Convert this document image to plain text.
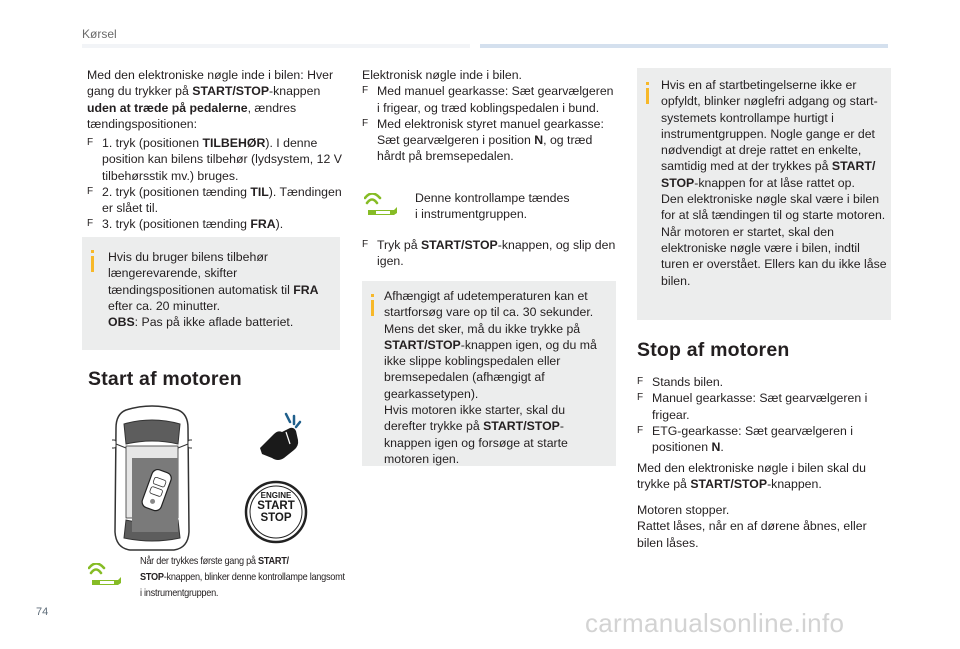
Kørsel
Med den elektroniske nøgle inde i bilen: Hver gang du trykker på START/STOP-knappen uden at træde på pedalerne, ændres tændingspositionen:
F 1. tryk (positionen TILBEHØR). I denne position kan bilens tilbehør (lydsystem, 12 V tilbehørsstik mv.) bruges.
F 2. tryk (positionen tænding TIL). Tændingen er slået til.
F 3. tryk (positionen tænding FRA).
Hvis du bruger bilens tilbehør længerevarende, skifter tændingspositionen automatisk til FRA efter ca. 20 minutter.
OBS: Pas på ikke aflade batteriet.
Start af motoren
ENGINE
START
STOP
Når der trykkes første gang på START/
STOP-knappen, blinker denne kontrollampe langsomt i instrumentgruppen.
Elektronisk nøgle inde i bilen.
F Med manuel gearkasse: Sæt gearvælgeren i frigear, og træd koblingspedalen i bund.
F Med elektronisk styret manuel gearkasse: Sæt gearvælgeren i position N, og træd hårdt på bremsepedalen.
Denne kontrollampe tændes i instrumentgruppen.
F Tryk på START/STOP-knappen, og slip den igen.
Afhængigt af udetemperaturen kan et startforsøg vare op til ca. 30 sekunder. Mens det sker, må du ikke trykke på START/STOP-knappen igen, og du må ikke slippe koblingspedalen eller bremsepedalen (afhængigt af gearkassetypen).
Hvis motoren ikke starter, skal du derefter trykke på START/STOP-knappen igen og forsøge at starte motoren igen.
Hvis en af startbetingelserne ikke er opfyldt, blinker nøglefri adgang og start-systemets kontrollampe hurtigt i instrumentgruppen. Nogle gange er det nødvendigt at dreje rattet en enkelte, samtidig med at der trykkes på START/
STOP-knappen for at låse rattet op.
Den elektroniske nøgle skal være i bilen for at slå tændingen til og starte motoren. Når motoren er startet, skal den elektroniske nøgle være i bilen, indtil turen er overstået. Ellers kan du ikke låse bilen.
Stop af motoren
F Stands bilen.
F Manuel gearkasse: Sæt gearvælgeren i frigear.
F ETG-gearkasse: Sæt gearvælgeren i positionen N.
Med den elektroniske nøgle i bilen skal du trykke på START/STOP-knappen.
Motoren stopper.
Rattet låses, når en af dørene åbnes, eller bilen låses.
74	carmanualsonline.info
